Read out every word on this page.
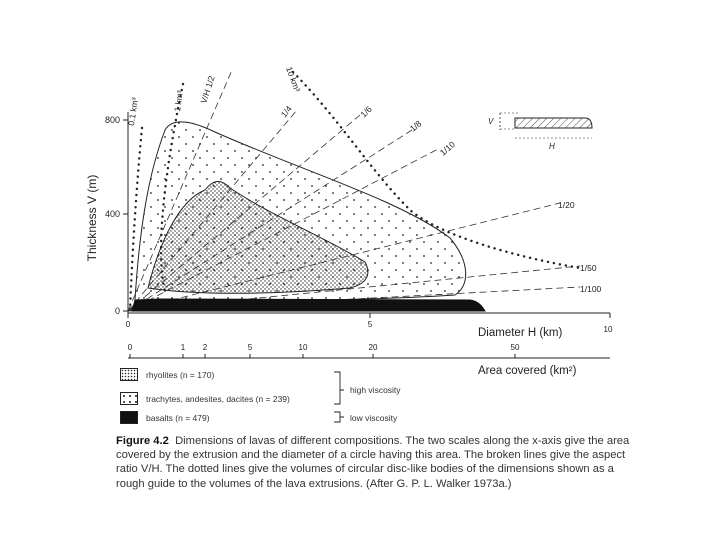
Thickness V (m)
800
400
0
0	5
10
Diameter H (km)
0	1 2	5	10	20	50
Area covered (km²)
V/H 1/2
1/4	1/6
1/8
1/10
1/20
1/50
1/100
0.1 km³	1 km³
10 km³
V
H
rhyolites (n = 170)
trachytes, andesites, dacites (n = 239)
basalts (n = 479)
high viscosity
low viscosity
Figure 4.2 Dimensions of lavas of different compositions. The two scales along the x-axis give the area covered by the extrusion and the diameter of a circle having this area. The broken lines give the aspect ratio V/H. The dotted lines give the volumes of circular disc-like bodies of the dimensions shown as a rough guide to the volumes of the lava extrusions. (After G. P. L. Walker 1973a.)
